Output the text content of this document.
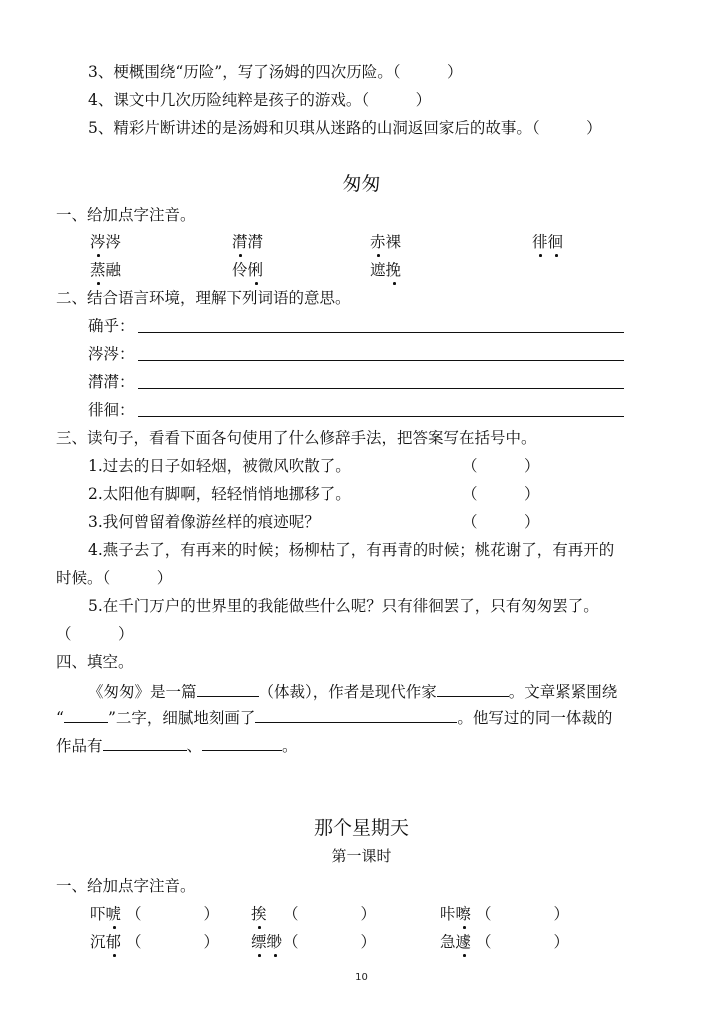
3、梗概围绕“历险”，写了汤姆的四次历险。（　　　）
4、课文中几次历险纯粹是孩子的游戏。（　　　）
5、精彩片断讲述的是汤姆和贝琪从迷路的山洞返回家后的故事。（　　　）
匆匆
一、给加点字注音。
涔涔	潸潸	赤裸	徘徊
蒸融	伶俐	遮挽
二、结合语言环境，理解下列词语的意思。
确乎：
涔涔：
潸潸：
徘徊：
三、读句子，看看下面各句使用了什么修辞手法，把答案写在括号中。
1.过去的日子如轻烟，被微风吹散了。	（　　　）
2.太阳他有脚啊，轻轻悄悄地挪移了。	（　　　）
3.我何曾留着像游丝样的痕迹呢？	（　　　）
4.燕子去了，有再来的时候；杨柳枯了，有再青的时候；桃花谢了，有再开的
时候。（　　　）
5.在千门万户的世界里的我能做些什么呢？只有徘徊罢了，只有匆匆罢了。
（　　　）
四、填空。
《匆匆》是一篇	（体裁），作者是现代作家	。文章紧紧围绕
“	”二字，细腻地刻画了	。他写过的同一体裁的
作品有	、	。
那个星期天
第一课时
一、给加点字注音。
吓唬 （　　　　） 挨 （　　　　）	咔嚓 （　　　　）
沉郁 （　　　　） 缥缈 （　　　　）	急遽 （　　　　）
10
